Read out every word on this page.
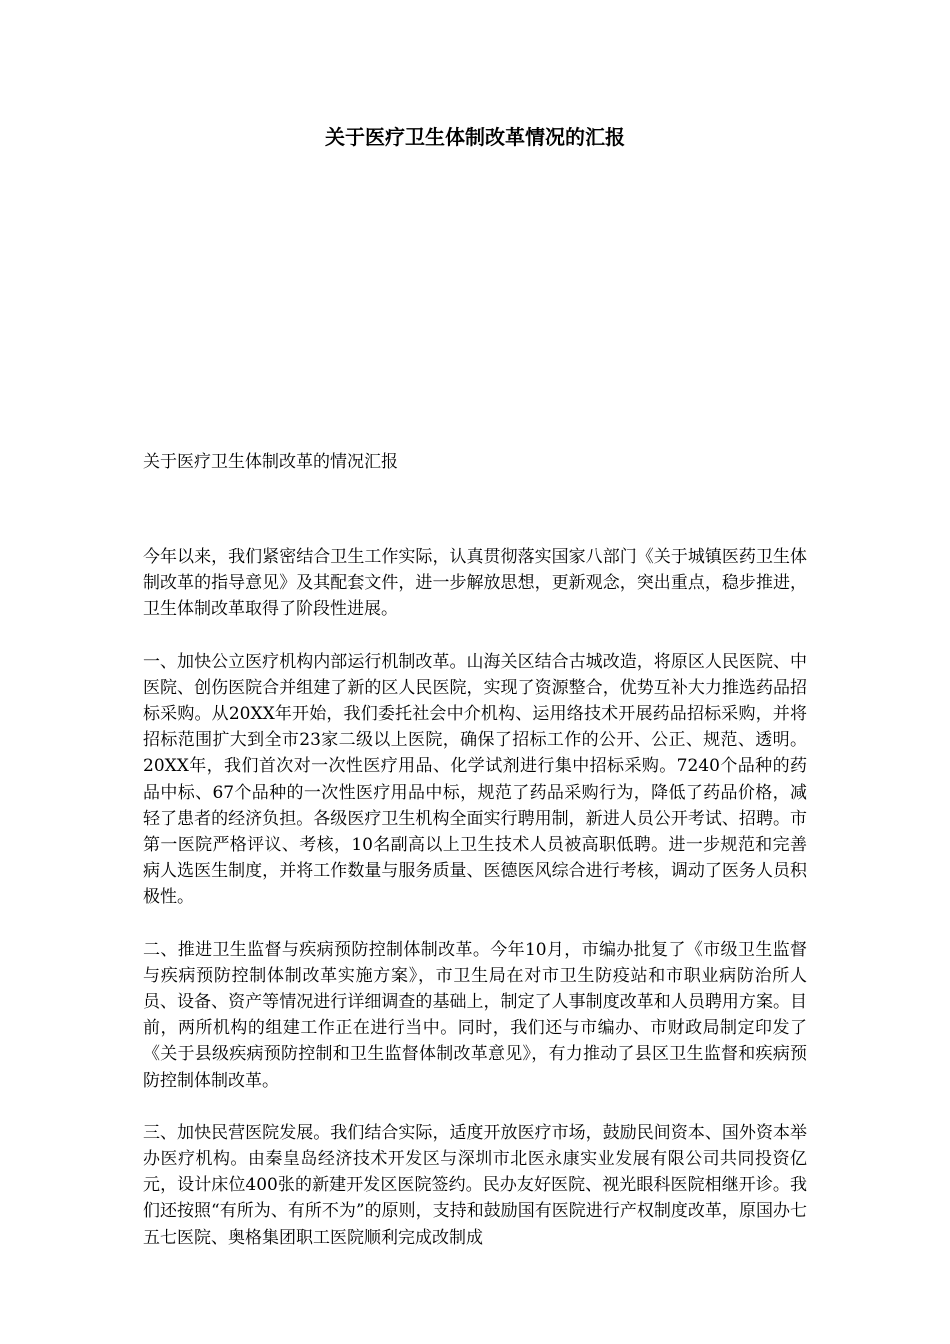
关于医疗卫生体制改革情况的汇报
关于医疗卫生体制改革的情况汇报

今年以来，我们紧密结合卫生工作实际，认真贯彻落实国家八部门《关于城镇医药卫生体制改革的指导意见》及其配套文件，进一步解放思想，更新观念，突出重点，稳步推进，卫生体制改革取得了阶段性进展。

一、加快公立医疗机构内部运行机制改革。山海关区结合古城改造，将原区人民医院、中医院、创伤医院合并组建了新的区人民医院，实现了资源整合，优势互补大力推选药品招标采购。从20XX年开始，我们委托社会中介机构、运用络技术开展药品招标采购，并将招标范围扩大到全市23家二级以上医院，确保了招标工作的公开、公正、规范、透明。20XX年，我们首次对一次性医疗用品、化学试剂进行集中招标采购。7240个品种的药品中标、67个品种的一次性医疗用品中标，规范了药品采购行为，降低了药品价格，减轻了患者的经济负担。各级医疗卫生机构全面实行聘用制，新进人员公开考试、招聘。市第一医院严格评议、考核，10名副高以上卫生技术人员被高职低聘。进一步规范和完善病人选医生制度，并将工作数量与服务质量、医德医风综合进行考核，调动了医务人员积极性。

二、推进卫生监督与疾病预防控制体制改革。今年10月，市编办批复了《市级卫生监督与疾病预防控制体制改革实施方案》，市卫生局在对市卫生防疫站和市职业病防治所人员、设备、资产等情况进行详细调查的基础上，制定了人事制度改革和人员聘用方案。目前，两所机构的组建工作正在进行当中。同时，我们还与市编办、市财政局制定印发了《关于县级疾病预防控制和卫生监督体制改革意见》，有力推动了县区卫生监督和疾病预防控制体制改革。

三、加快民营医院发展。我们结合实际，适度开放医疗市场，鼓励民间资本、国外资本举办医疗机构。由秦皇岛经济技术开发区与深圳市北医永康实业发展有限公司共同投资亿元，设计床位400张的新建开发区医院签约。民办友好医院、视光眼科医院相继开诊。我们还按照“有所为、有所不为”的原则，支持和鼓励国有医院进行产权制度改革，原国办七五七医院、奥格集团职工医院顺利完成改制成
